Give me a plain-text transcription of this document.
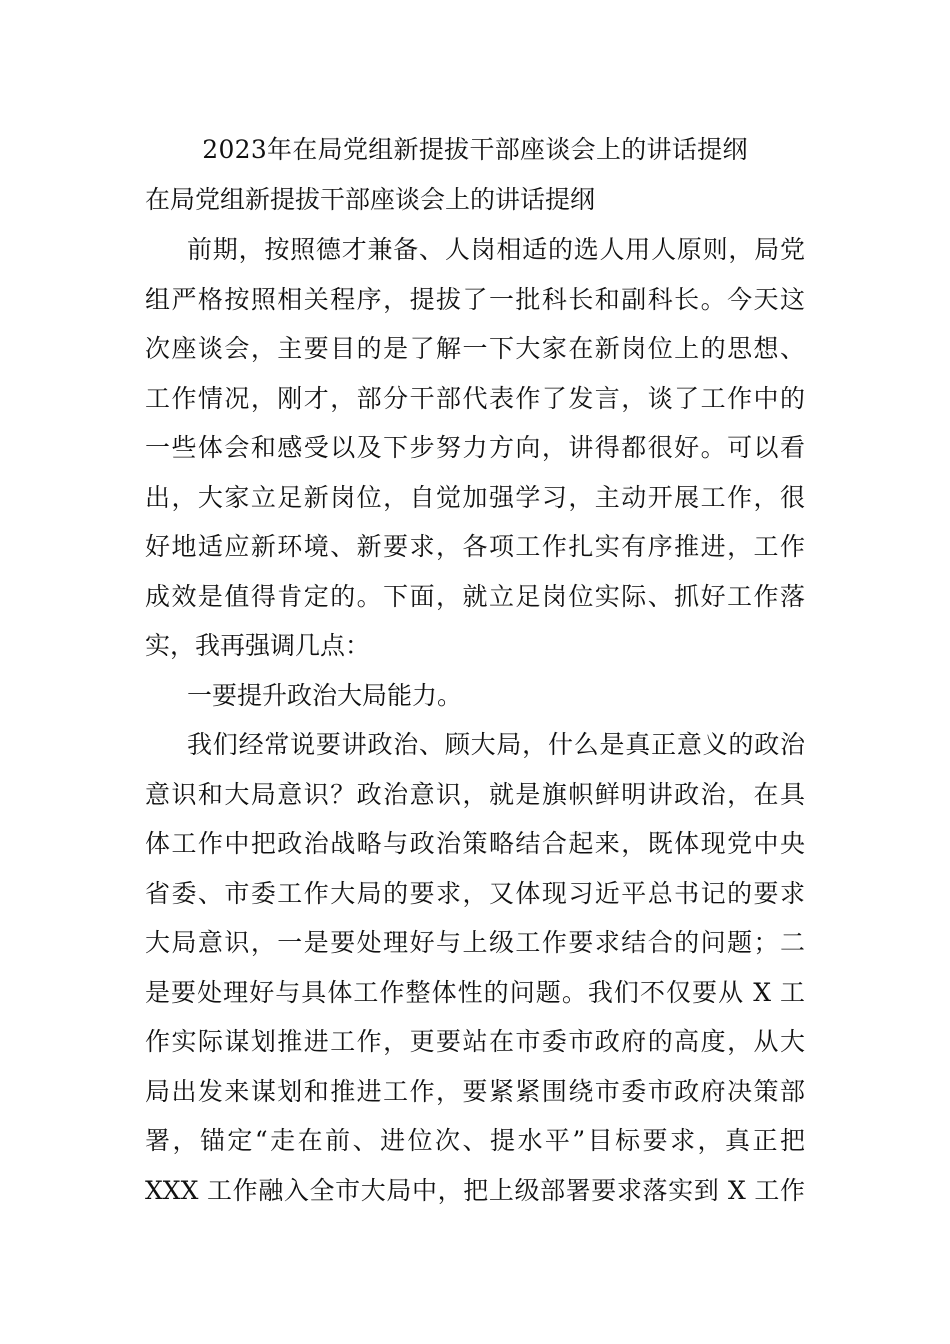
2023年在局党组新提拔干部座谈会上的讲话提纲
在局党组新提拔干部座谈会上的讲话提纲
前期，按照德才兼备、人岗相适的选人用人原则，局党
组严格按照相关程序，提拔了一批科长和副科长。今天这
次座谈会，主要目的是了解一下大家在新岗位上的思想、
工作情况，刚才，部分干部代表作了发言，谈了工作中的
一些体会和感受以及下步努力方向，讲得都很好。可以看
出，大家立足新岗位，自觉加强学习，主动开展工作，很
好地适应新环境、新要求，各项工作扎实有序推进，工作
成效是值得肯定的。下面，就立足岗位实际、抓好工作落
实，我再强调几点：
一要提升政治大局能力。
我们经常说要讲政治、顾大局，什么是真正意义的政治
意识和大局意识？政治意识，就是旗帜鲜明讲政治，在具
体工作中把政治战略与政治策略结合起来，既体现党中央
省委、市委工作大局的要求，又体现习近平总书记的要求
大局意识，一是要处理好与上级工作要求结合的问题；二
是要处理好与具体工作整体性的问题。我们不仅要从 X 工
作实际谋划推进工作，更要站在市委市政府的高度，从大
局出发来谋划和推进工作，要紧紧围绕市委市政府决策部
署，锚定“走在前、进位次、提水平”目标要求，真正把
XXX 工作融入全市大局中，把上级部署要求落实到 X 工作
